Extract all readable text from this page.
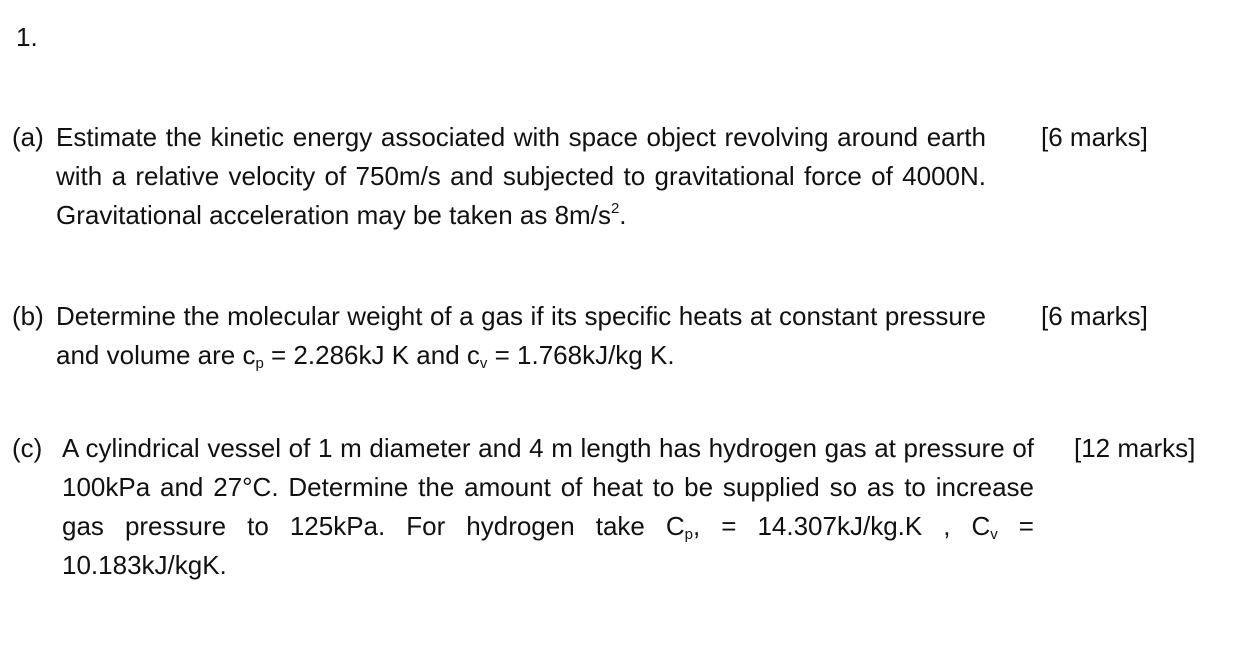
1.
(a) Estimate the kinetic energy associated with space object revolving around earth with a relative velocity of 750m/s and subjected to gravitational force of 4000N. Gravitational acceleration may be taken as $8m/s^2$.
[6 marks]
(b) Determine the molecular weight of a gas if its specific heats at constant pressure and volume are $c_p = 2.286kJ$ K and $c_v = 1.768kJ/kg$ K.
[6 marks]
(c) A cylindrical vessel of 1 m diameter and 4 m length has hydrogen gas at pressure of 100kPa and 27°C. Determine the amount of heat to be supplied so as to increase gas pressure to 125kPa. For hydrogen take $C_p$, = 14.307kJ/kg.K , $C_v = 10.183kJ/kgK$.
[12 marks]
